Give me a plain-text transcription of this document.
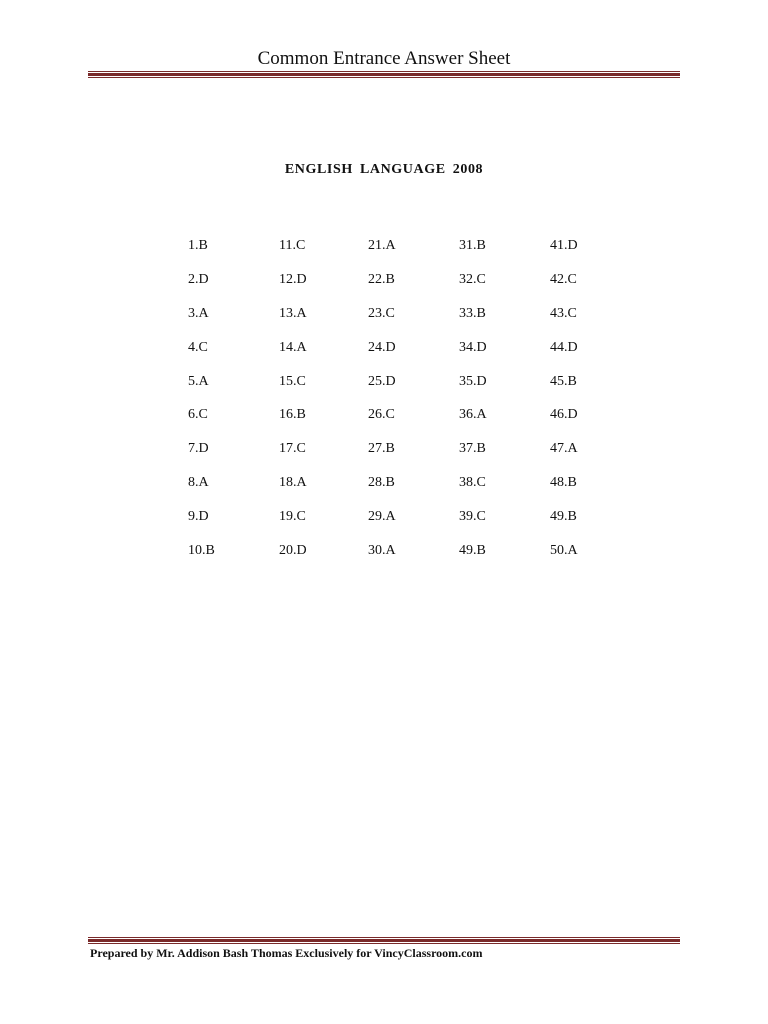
Common Entrance Answer Sheet
ENGLISH LANGUAGE 2008
1.B	11.C	21.A	31.B	41.D
2.D	12.D	22.B	32.C	42.C
3.A	13.A	23.C	33.B	43.C
4.C	14.A	24.D	34.D	44.D
5.A	15.C	25.D	35.D	45.B
6.C	16.B	26.C	36.A	46.D
7.D	17.C	27.B	37.B	47.A
8.A	18.A	28.B	38.C	48.B
9.D	19.C	29.A	39.C	49.B
10.B	20.D	30.A	49.B	50.A
Prepared by Mr. Addison Bash Thomas Exclusively for VincyClassroom.com
